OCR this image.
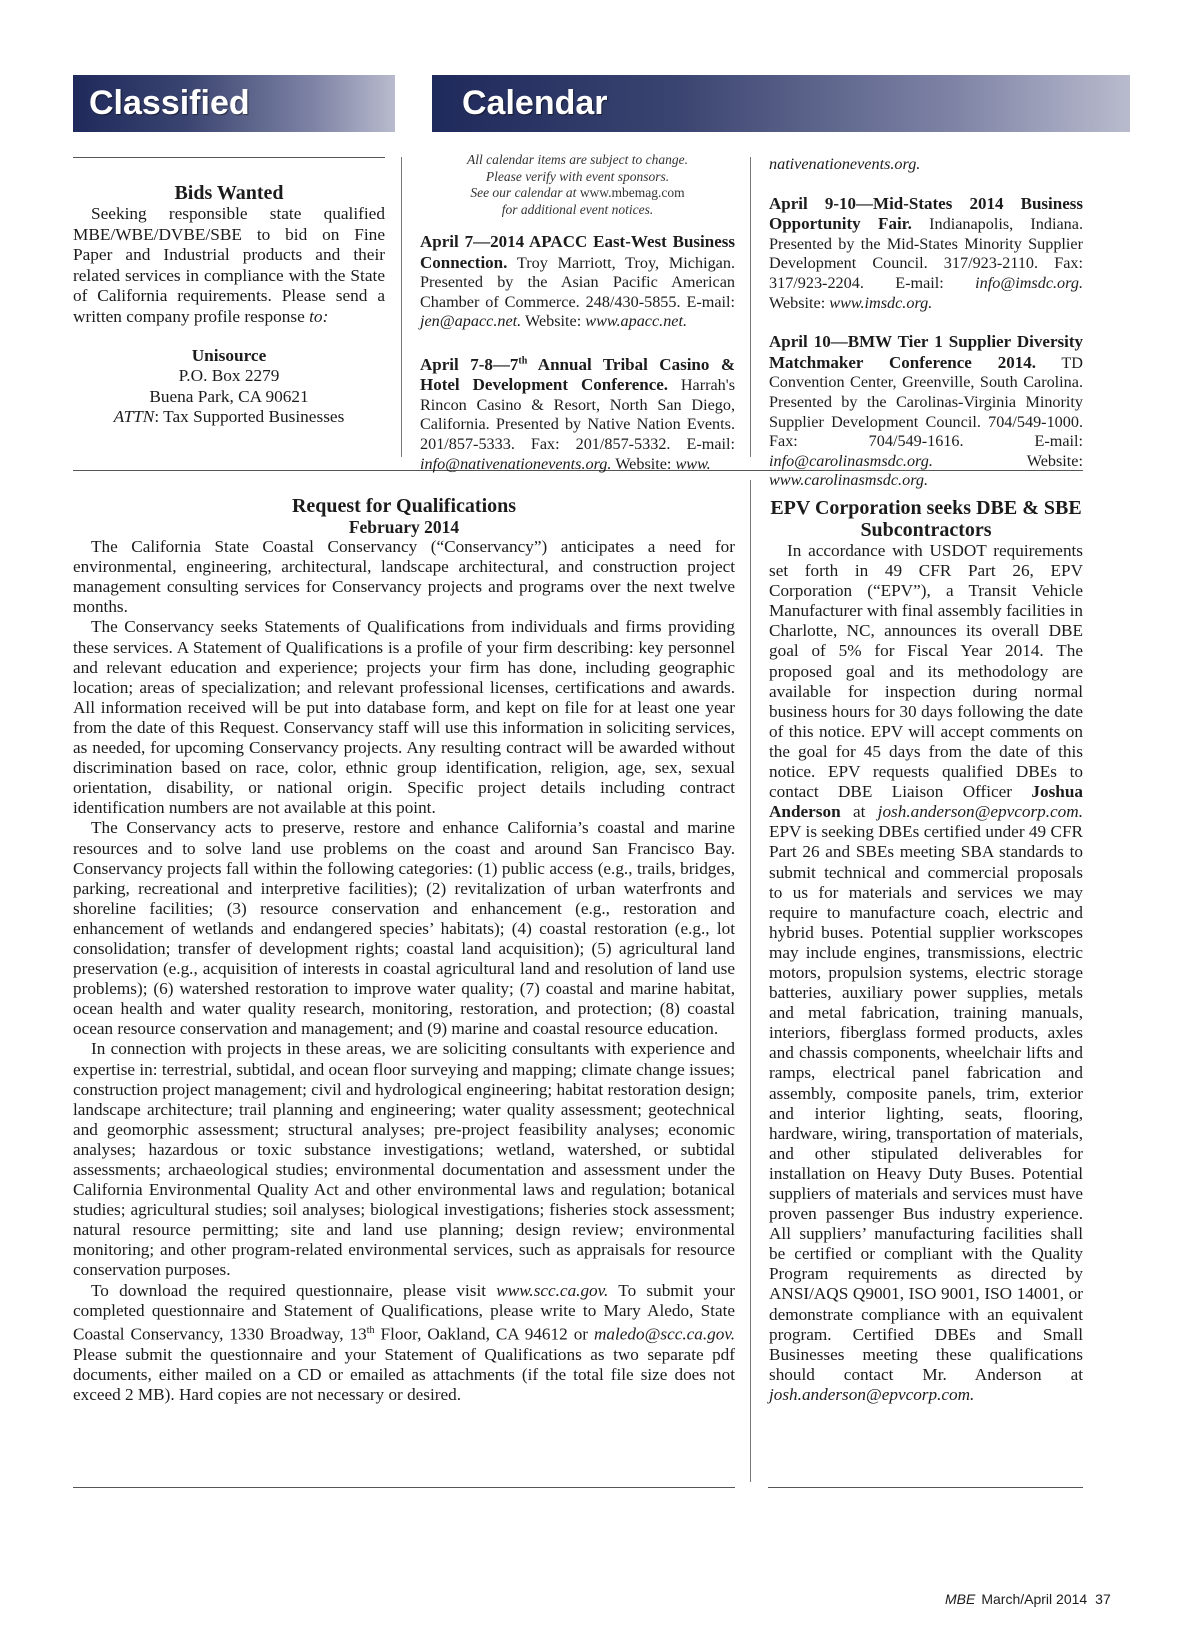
Classified	Calendar
Bids Wanted

Seeking responsible state qualified MBE/WBE/DVBE/SBE to bid on Fine Paper and Industrial products and their related services in compliance with the State of California requirements. Please send a written company profile response to:

Unisource

P.O. Box 2279

Buena Park, CA 90621

ATTN: Tax Supported Businesses

All calendar items are subject to change.
Please verify with event sponsors.
See our calendar at www.mbemag.com
for additional event notices.

April 7—2014 APACC East-West Business Connection. Troy Marriott, Troy, Michigan. Presented by the Asian Pacific American Chamber of Commerce. 248/430-5855. E-mail: jen@apacc.net. Website: www.apacc.net.

April 7-8—7th Annual Tribal Casino & Hotel Development Conference. Harrah's Rincon Casino & Resort, North San Diego, California. Presented by Native Nation Events. 201/857-5333. Fax: 201/857-5332. E-mail: info@nativenationevents.org. Website: www.

nativenationevents.org.

April 9-10—Mid-States 2014 Business Opportunity Fair. Indianapolis, Indiana. Presented by the Mid-States Minority Supplier Development Council. 317/923-2110. Fax: 317/923-2204. E-mail: info@imsdc.org. Website: www.imsdc.org.

April 10—BMW Tier 1 Supplier Diversity Matchmaker Conference 2014. TD Convention Center, Greenville, South Carolina. Presented by the Carolinas-Virginia Minority Supplier Development Council. 704/549-1000. Fax: 704/549-1616. E-mail: info@carolinasmsdc.org.	Website: www.carolinasmsdc.org.

Request for Qualifications

February 2014

The California State Coastal Conservancy (“Conservancy”) anticipates a need for environmental, engineering, architectural, landscape architectural, and construction project management consulting services for Conservancy projects and programs over the next twelve months.

The Conservancy seeks Statements of Qualifications from individuals and firms providing these services. A Statement of Qualifications is a profile of your firm describing: key personnel and relevant education and experience; projects your firm has done, including geographic location; areas of specialization; and relevant professional licenses, certifications and awards. All information received will be put into database form, and kept on file for at least one year from the date of this Request. Conservancy staff will use this information in soliciting services, as needed, for upcoming Conservancy projects. Any resulting contract will be awarded without discrimination based on race, color, ethnic group identification, religion, age, sex, sexual orientation, disability, or national origin. Specific project details including contract identification numbers are not available at this point.

The Conservancy acts to preserve, restore and enhance California’s coastal and marine resources and to solve land use problems on the coast and around San Francisco Bay. Conservancy projects fall within the following categories: (1) public access (e.g., trails, bridges, parking, recreational and interpretive facilities); (2) revitalization of urban waterfronts and shoreline facilities; (3) resource conservation and enhancement (e.g., restoration and enhancement of wetlands and endangered species’ habitats); (4) coastal restoration (e.g., lot consolidation; transfer of development rights; coastal land acquisition); (5) agricultural land preservation (e.g., acquisition of interests in coastal agricultural land and resolution of land use problems); (6) watershed restoration to improve water quality; (7) coastal and marine habitat, ocean health and water quality research, monitoring, restoration, and protection; (8) coastal ocean resource conservation and management; and (9) marine and coastal resource education.

In connection with projects in these areas, we are soliciting consultants with experience and expertise in: terrestrial, subtidal, and ocean floor surveying and mapping; climate change issues; construction project management; civil and hydrological engineering; habitat restoration design; landscape architecture; trail planning and engineering; water quality assessment; geotechnical and geomorphic assessment; structural analyses; pre-project feasibility analyses; economic analyses; hazardous or toxic substance investigations; wetland, watershed, or subtidal assessments; archaeological studies; environmental documentation and assessment under the California Environmental Quality Act and other environmental laws and regulation; botanical studies; agricultural studies; soil analyses; biological investigations; fisheries stock assessment; natural resource permitting; site and land use planning; design review; environmental monitoring; and other program-related environmental services, such as appraisals for resource conservation purposes.

To download the required questionnaire, please visit www.scc.ca.gov. To submit your completed questionnaire and Statement of Qualifications, please write to Mary Aledo, State Coastal Conservancy, 1330 Broadway, 13th Floor, Oakland, CA 94612 or maledo@scc.ca.gov. Please submit the questionnaire and your Statement of Qualifications as two separate pdf documents, either mailed on a CD or emailed as attachments (if the total file size does not exceed 2 MB). Hard copies are not necessary or desired.

EPV Corporation seeks DBE & SBE Subcontractors

In accordance with USDOT requirements set forth in 49 CFR Part 26, EPV Corporation (“EPV”), a Transit Vehicle Manufacturer with final assembly facilities in Charlotte, NC, announces its overall DBE goal of 5% for Fiscal Year 2014. The proposed goal and its methodology are available for inspection during normal business hours for 30 days following the date of this notice. EPV will accept comments on the goal for 45 days from the date of this notice. EPV requests qualified DBEs to contact DBE Liaison Officer Joshua Anderson at josh.anderson@epvcorp.com. EPV is seeking DBEs certified under 49 CFR Part 26 and SBEs meeting SBA standards to submit technical and commercial proposals to us for materials and services we may require to manufacture coach, electric and hybrid buses. Potential supplier workscopes may include engines, transmissions, electric motors, propulsion systems, electric storage batteries, auxiliary power supplies, metals and metal fabrication, training manuals, interiors, fiberglass formed products, axles and chassis components, wheelchair lifts and ramps, electrical panel fabrication and assembly, composite panels, trim, exterior and interior lighting, seats, flooring, hardware, wiring, transportation of materials, and other stipulated deliverables for installation on Heavy Duty Buses. Potential suppliers of materials and services must have proven passenger Bus industry experience. All suppliers’ manufacturing facilities shall be certified or compliant with the Quality Program requirements as directed by ANSI/AQS Q9001, ISO 9001, ISO 14001, or demonstrate compliance with an equivalent program. Certified DBEs and Small Businesses meeting these qualifications should contact Mr. Anderson at josh.anderson@epvcorp.com.

MBE March/April 2014 37
